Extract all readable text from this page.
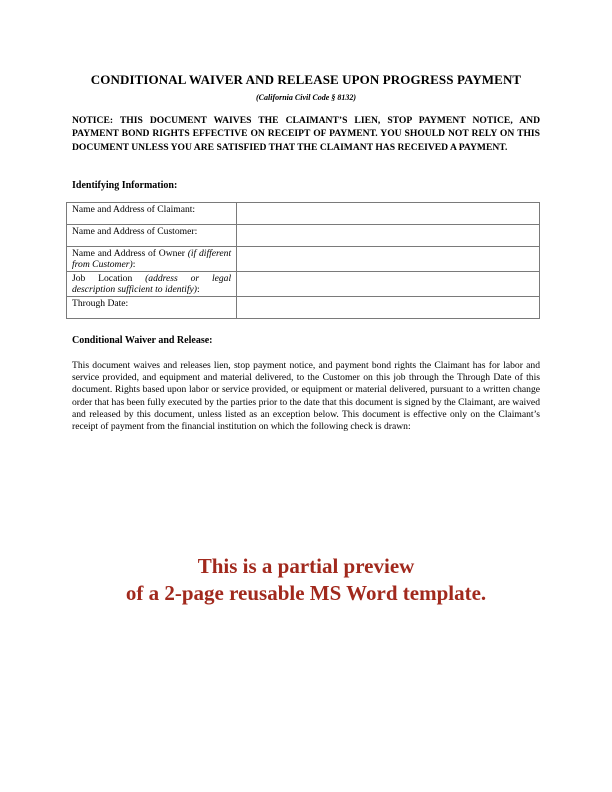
CONDITIONAL WAIVER AND RELEASE UPON PROGRESS PAYMENT
(California Civil Code § 8132)
NOTICE: THIS DOCUMENT WAIVES THE CLAIMANT’S LIEN, STOP PAYMENT NOTICE, AND PAYMENT BOND RIGHTS EFFECTIVE ON RECEIPT OF PAYMENT. YOU SHOULD NOT RELY ON THIS DOCUMENT UNLESS YOU ARE SATISFIED THAT THE CLAIMANT HAS RECEIVED A PAYMENT.
Identifying Information:
Name and Address of Claimant:	
Name and Address of Customer:	
Name and Address of Owner (if different from Customer):	
Job Location (address or legal description sufficient to identify):	
Through Date:	
Conditional Waiver and Release:
This document waives and releases lien, stop payment notice, and payment bond rights the Claimant has for labor and service provided, and equipment and material delivered, to the Customer on this job through the Through Date of this document. Rights based upon labor or service provided, or equipment or material delivered, pursuant to a written change order that has been fully executed by the parties prior to the date that this document is signed by the Claimant, are waived and released by this document, unless listed as an exception below. This document is effective only on the Claimant’s receipt of payment from the financial institution on which the following check is drawn:
This is a partial preview
of a 2-page reusable MS Word template.
